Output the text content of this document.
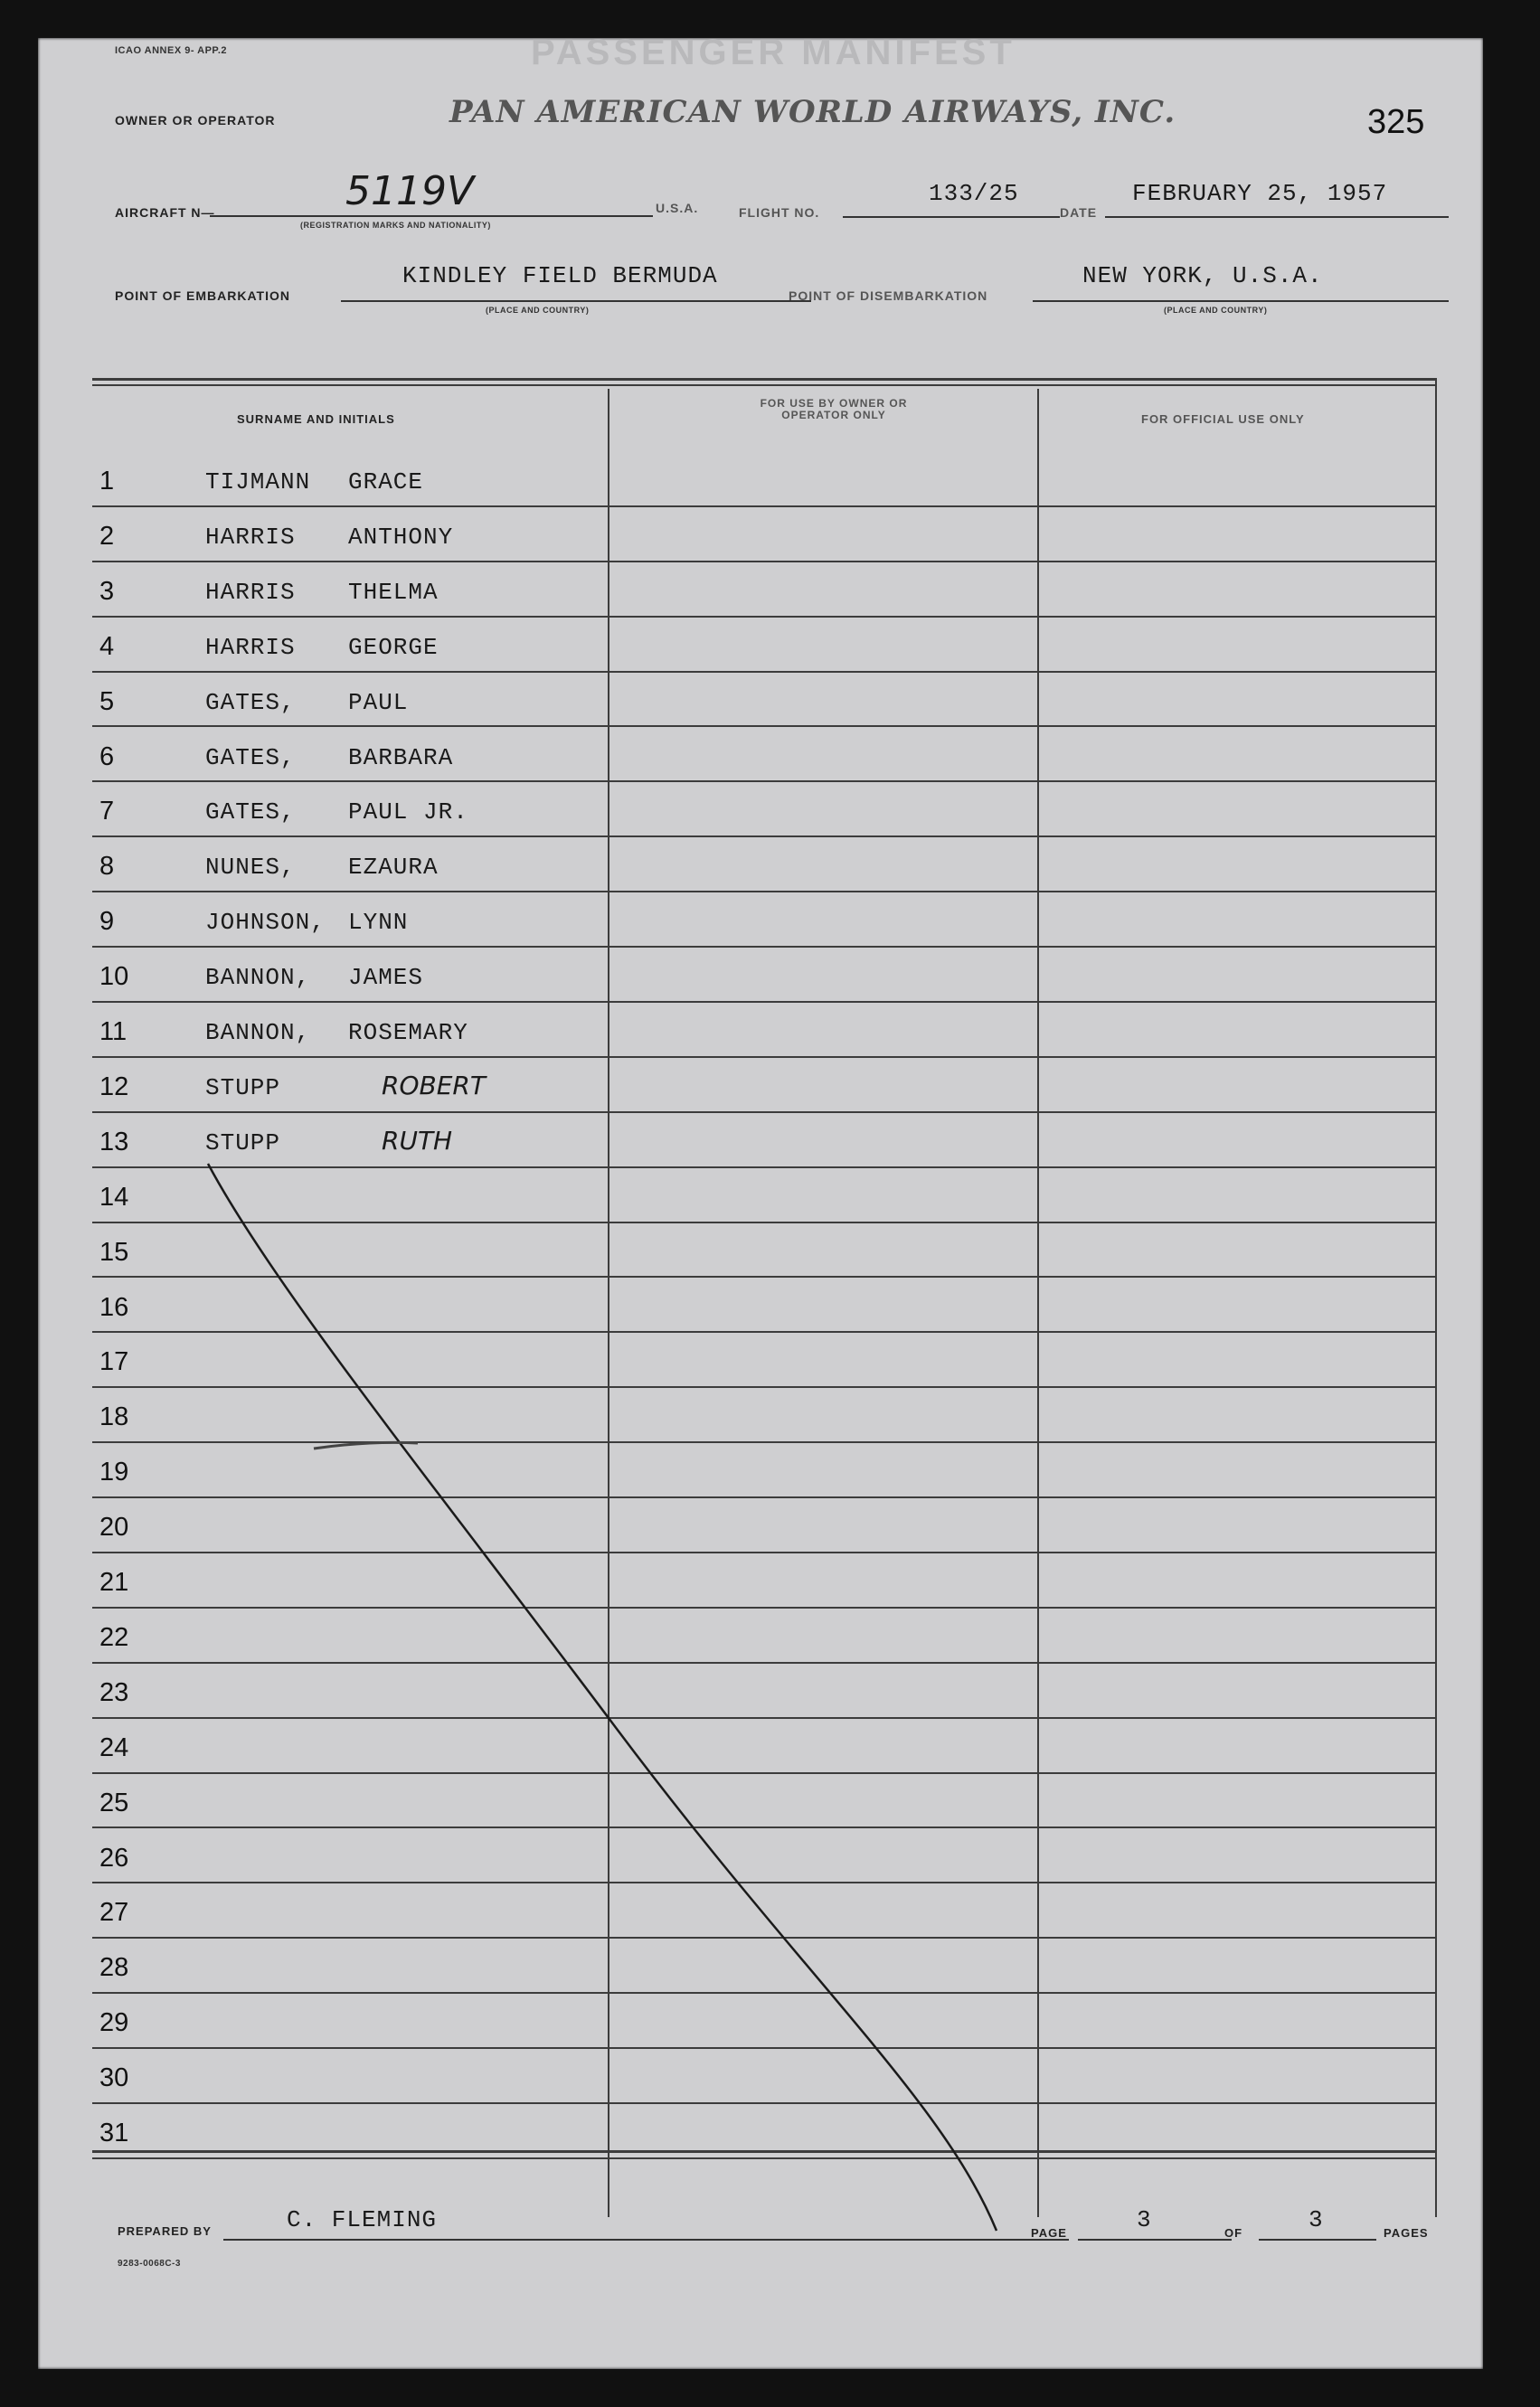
ICAO ANNEX 9- APP.2	PASSENGER MANIFEST
OWNER OR OPERATOR	PAN AMERICAN WORLD AIRWAYS, INC.	325
AIRCRAFT N—	5119V
(REGISTRATION MARKS AND NATIONALITY)
U.S.A.	FLIGHT NO.
133/25
DATE
FEBRUARY 25, 1957
POINT OF EMBARKATION
KINDLEY FIELD BERMUDA
(PLACE AND COUNTRY)
POINT OF DISEMBARKATION
NEW YORK, U.S.A.
(PLACE AND COUNTRY)
SURNAME AND INITIALS
FOR USE BY OWNER OR OPERATOR ONLY	FOR OFFICIAL USE ONLY
1	TIJMANN GRACE
2	HARRIS ANTHONY
3	HARRIS THELMA
4	HARRIS GEORGE
5	GATES, PAUL
6	GATES, BARBARA
7	GATES, PAUL JR.
8	NUNES, EZAURA
9	JOHNSON, LYNN
10	BANNON, JAMES
11	BANNON, ROSEMARY
12	STUPP	ROBERT
13	STUPP	RUTH
14
15
16
17
18
19
20
21
22
23
24
25
26
27
28
29
30
31
PREPARED BY	C. FLEMING	PAGE	3	OF	3	PAGES
9283-0068C-3
